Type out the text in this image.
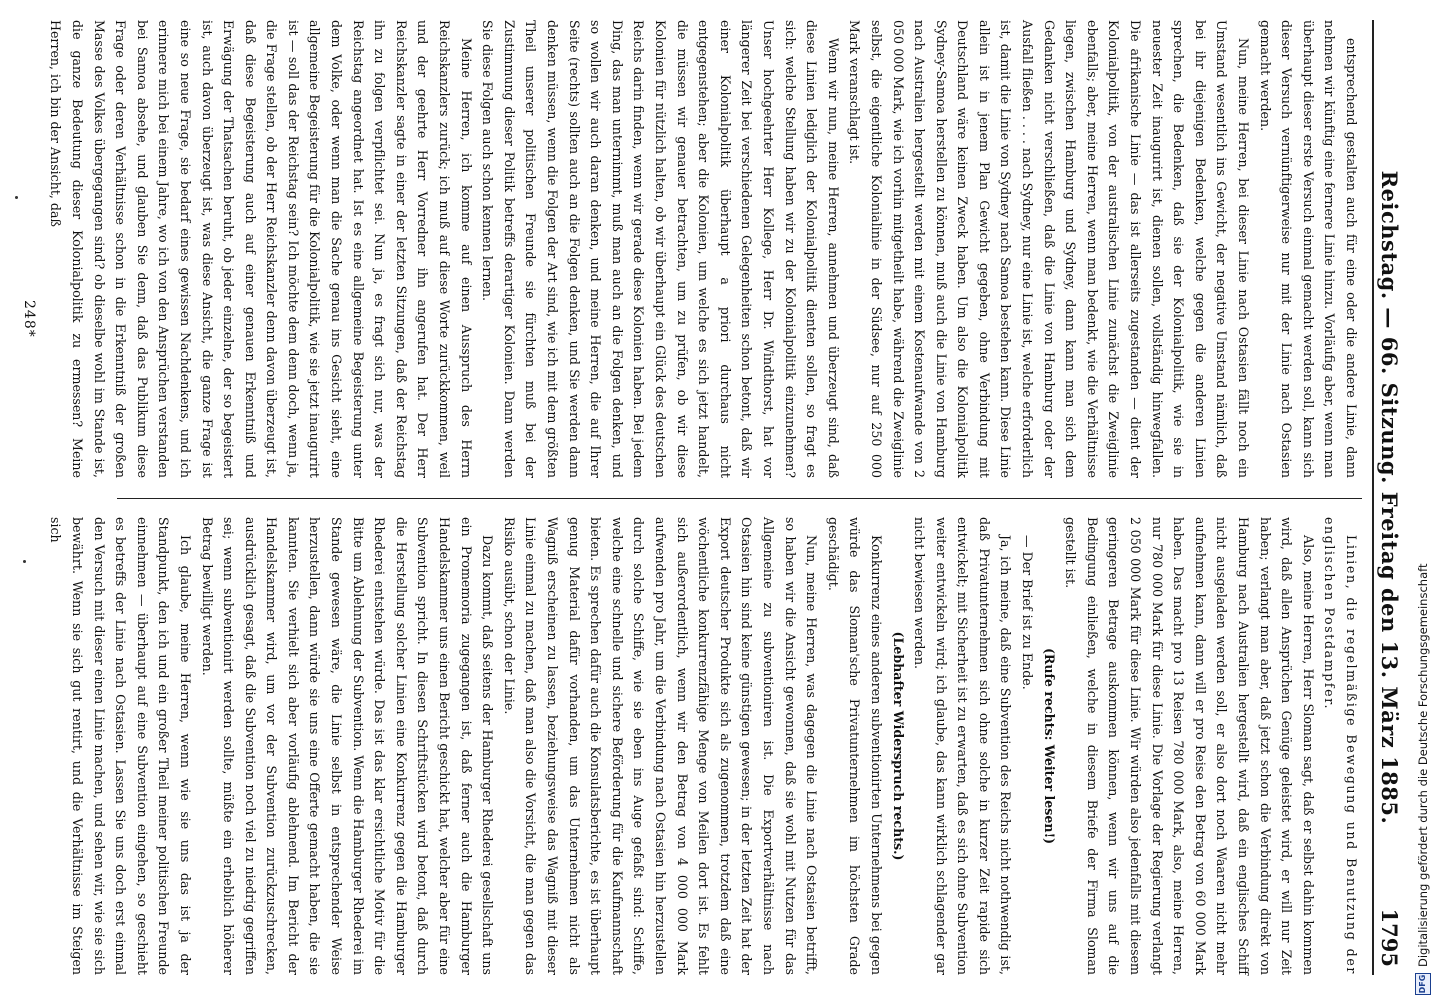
Reichstag. — 66. Sitzung. Freitag den 13. März 1885.
1795

entsprechend gestalten auch für eine oder die andere Linie, dann nehmen wir künftig eine fernere Linie hinzu. Vorläufig aber, wenn man überhaupt dieser erste Versuch einmal gemacht werden soll, kann sich dieser Versuch vernünftigerweise nur mit der Linie nach Ostasien gemacht werden.

Nun, meine Herren, bei dieser Linie nach Ostasien fällt noch ein Umstand wesentlich ins Gewicht, der negative Umstand nämlich, daß bei ihr diejenigen Bedenken, welche gegen die anderen Linien sprechen, die Bedenken, daß sie der Kolonialpolitik, wie sie in neuester Zeit inaugurirt ist, dienen sollen, vollständig hinwegfallen. Die afrikanische Linie — das ist allerseits zugestanden — dient der Kolonialpolitik, von der australischen Linie zunächst die Zweiglinie ebenfalls; aber, meine Herren, wenn man bedenkt, wie die Verhältnisse liegen, zwischen Hamburg und Sydney, dann kann man sich dem Gedanken nicht verschließen, daß die Linie von Hamburg oder der Ausfall fließen . . . . nach Sydney, nur eine Linie ist, welche erforderlich ist, damit die Linie von Sydney nach Samoa bestehen kann. Diese Linie allein ist in jenem Plan Gewicht gegeben, ohne Verbindung mit Deutschland wäre keinen Zweck haben. Um also die Kolonialpolitik Sydney-Samoa herstellen zu können, muß auch die Linie von Hamburg nach Australien hergestellt werden mit einem Kostenaufwande von 2 050 000 Mark, wie ich vorhin mitgetheilt habe, während die Zweiglinie selbst, die eigentliche Kolonialinie in der Südsee, nur auf 250 000 Mark veranschlagt ist.

Wenn wir nun, meine Herren, annehmen und überzeugt sind, daß diese Linien lediglich der Kolonialpolitik dienten sollen, so fragt es sich: welche Stellung haben wir zu der Kolonialpolitik einzunehmen? Unser hochgeehrter Herr Kollege, Herr Dr. Windthorst, hat vor längerer Zeit bei verschiedenen Gelegenheiten schon betont, daß wir einer Kolonialpolitik überhaupt a priori durchaus nicht entgegenstehen; aber die Kolonien, um welche es sich jetzt handelt, die müssen wir genauer betrachten, um zu prüfen, ob wir diese Kolonien für nützlich halten, ob wir überhaupt ein Glück des deutschen Reichs darin finden, wenn wir gerade diese Kolonien haben. Bei jedem Ding, das man unternimmt, muß man auch an die Folgen denken, und so wollen wir auch daran denken, und meine Herren, die auf Ihrer Seite (rechts) sollten auch an die Folgen denken, und Sie werden dann denken müssen, wenn die Folgen der Art sind, wie ich mit dem größten Theil unserer politischen Freunde sie fürchten muß bei der Zustimmung dieser Politik betreffs derartiger Kolonien. Dann werden Sie diese Folgen auch schon kennen lernen.

Meine Herren, ich komme auf einen Ausspruch des Herrn Reichskanzlers zurück; ich muß auf diese Worte zurückkommen, weil und der geehrte Herr Vorredner ihn angerufen hat. Der Herr Reichskanzler sagte in einer der letzten Sitzungen, daß der Reichstag ihn zu folgen verpflichtet sei. Nun ja, es fragt sich nur, was der Reichstag angeordnet hat. Ist es eine allgemeine Begeisterung unter dem Volke, oder wenn man die Sache genau ins Gesicht sieht, eine allgemeine Begeisterung für die Kolonialpolitik, wie sie jetzt inaugurirt ist — soll das der Reichstag sein? Ich möchte dem denn doch, wenn ja, die Frage stellen, ob der Herr Reichskanzler denn davon überzeugt ist, daß diese Begeisterung auch auf einer genauen Erkenntniß und Erwägung der Thatsachen beruht, ob jeder einzelne, der so begeistert ist, auch davon überzeugt ist, was diese Ansicht, die ganze Frage ist eine so neue Frage, sie bedarf eines gewissen Nachdenkens, und ich erinnere mich bei einem Jahre, wo ich von den Ansprüchen verstanden bei Samoa absehe, und glauben Sie denn, daß das Publikum diese Frage oder deren Verhältnisse schon in die Erkenntniß der großen Masse des Volkes übergegangen sind? ob dieselbe wohl im Stande ist, die ganze Bedeutung dieser Kolonialpolitik zu ermessen? Meine Herren, ich bin der Ansicht, daß

Linien, die regelmäßige Bewegung und Benutzung der englischen Postdampfer.

Also, meine Herren, Herr Sloman sagt, daß er selbst dahin kommen wird, daß allen Ansprüchen Genüge geleistet wird, er will nur Zeit haben; verlangt man aber, daß jetzt schon die Verbindung direkt von Hamburg nach Australien hergestellt wird, daß ein englisches Schiff nicht ausgeladen werden soll, er also dort noch Waaren nicht mehr aufnehmen kann, dann will er pro Reise den Betrag von 60 000 Mark haben. Das macht pro 13 Reisen 780 000 Mark, also, meine Herren, nur 780 000 Mark für diese Linie. Die Vorlage der Regierung verlangt 2 050 000 Mark für diese Linie. Wir würden also jedenfalls mit diesem geringeren Betrage auskommen können, wenn wir uns auf die Bedingung einließen, welche in diesem Briefe der Firma Sloman gestellt ist.

(Rufe rechts: Weiter lesen!)

— Der Brief ist zu Ende.

Ja, ich meine, daß eine Subvention des Reichs nicht nothwendig ist, daß Privatunternehmen sich ohne solche in kurzer Zeit rapide sich entwickelt; mit Sicherheit ist zu erwarten, daß es sich ohne Subvention weiter entwickeln wird; ich glaube, das kann wirklich schlagender gar nicht bewiesen werden.

(Lebhafter Widerspruch rechts.)

Konkurrenz eines anderen subventionirten Unternehmens bei gegen würde das Sloman'sche Privatunternehmen im höchsten Grade geschädigt.

Nun, meine Herren, was dagegen die Linie nach Ostasien betrifft, so haben wir die Ansicht gewonnen, daß sie wohl mit Nutzen für das Allgemeine zu subventioniren ist. Die Exportverhältnisse nach Ostasien hin sind keine günstigen gewesen; in der letzten Zeit hat der Export deutscher Produkte sich als zugenommen, trotzdem daß eine wöchentliche konkurrenzfähige Menge von Meilen dort ist. Es fehlt sich außerordentlich, wenn wir den Betrag von 4 000 000 Mark aufwenden pro Jahr, um die Verbindung nach Ostasien hin herzustellen durch solche Schiffe, wie sie eben ins Auge gefaßt sind: Schiffe, welche eine schnelle und sichere Beförderung für die Kaufmannschaft bieten. Es sprechen dafür auch die Konsulatsberichte, es ist überhaupt genug Material dafür vorhanden, um das Unternehmen nicht als Wagniß erscheinen zu lassen, beziehungsweise das Wagniß mit dieser Linie einmal zu machen, daß man also die Vorsicht, die man gegen das Risiko ausübt, schon der Linie.

Dazu kommt, daß seitens der Hamburger Rhederei gesellschaft uns ein Promemoria zugegangen ist, daß ferner auch die Hamburger Handelskammer uns einen Bericht geschickt hat, welcher aber für eine Subvention spricht. In diesen Schriftstücken wird betont, daß durch die Herstellung solcher Linien eine Konkurrenz gegen die Hamburger Rhederei entstehen würde. Das ist das klar ersichtliche Motiv für die Bitte um Ablehnung der Subvention. Wenn die Hamburger Rhederei im Stande gewesen wäre, die Linie selbst in entsprechender Weise herzustellen, dann würde sie uns eine Offerte gemacht haben, die sie kannten. Sie verhielt sich aber vorläufig ablehnend. Im Bericht der Handelskammer wird, um vor der Subvention zurückzuschrecken, ausdrücklich gesagt, daß die Subvention noch viel zu niedrig gegriffen sei; wenn subventionirt werden sollte, müßte ein erheblich höherer Betrag bewilligt werden.

Ich glaube, meine Herren, wenn wie sie uns das ist ja der Standpunkt, den ich und ein großer Theil meiner politischen Freunde einnehmen — überhaupt auf eine Subvention eingehen, so geschieht es betreffs der Linie nach Ostasien. Lassen Sie uns doch erst einmal den Versuch mit dieser einen Linie machen, und sehen wir, wie sie sich bewährt. Wenn sie sich gut rentirt, und die Verhältnisse im Steigen sich

248*
DFG
Digitalisierung gefördert durch die Deutsche Forschungsgemeinschaft
